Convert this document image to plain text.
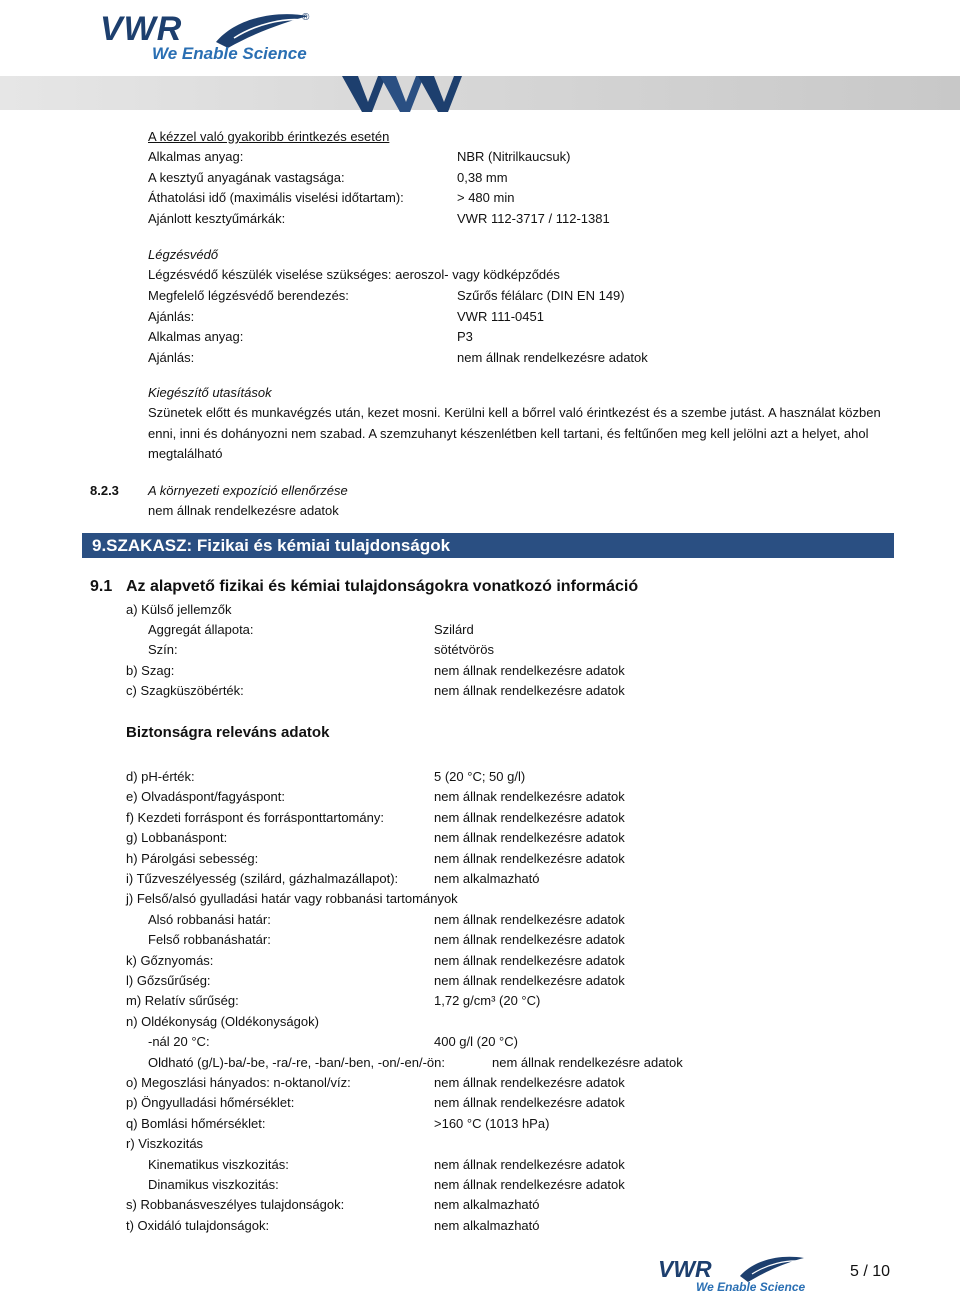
VWR	®
We Enable Science
A kézzel való gyakoribb érintkezés esetén
Alkalmas anyag:	NBR (Nitrilkaucsuk)
A kesztyű anyagának vastagsága:	0,38 mm
Áthatolási idő (maximális viselési időtartam):	> 480 min
Ajánlott kesztyűmárkák:	VWR 112-3717 / 112-1381
Légzésvédő
Légzésvédő készülék viselése szükséges: aeroszol- vagy ködképződés
Megfelelő légzésvédő berendezés:	Szűrős félálarc (DIN EN 149)
Ajánlás:	VWR 111-0451
Alkalmas anyag:	P3
Ajánlás:	nem állnak rendelkezésre adatok
Kiegészítő utasítások
Szünetek előtt és munkavégzés után, kezet mosni. Kerülni kell a bőrrel való érintkezést és a szembe jutást. A használat közben
enni, inni és dohányozni nem szabad. A szemzuhanyt készenlétben kell tartani, és feltűnően meg kell jelölni azt a helyet, ahol
megtalálható
8.2.3 A környezeti expozíció ellenőrzése
nem állnak rendelkezésre adatok
9.SZAKASZ: Fizikai és kémiai tulajdonságok
9.1 Az alapvető fizikai és kémiai tulajdonságokra vonatkozó információ
a) Külső jellemzők
Aggregát állapota:	Szilárd
Szín:	sötétvörös
b) Szag:	nem állnak rendelkezésre adatok
c) Szagküszöbérték:	nem állnak rendelkezésre adatok
Biztonságra releváns adatok
d) pH-érték:	5 (20 °C; 50 g/l)
e) Olvadáspont/fagyáspont:	nem állnak rendelkezésre adatok
f) Kezdeti forráspont és forrásponttartomány:	nem állnak rendelkezésre adatok
g) Lobbanáspont:	nem állnak rendelkezésre adatok
h) Párolgási sebesség:	nem állnak rendelkezésre adatok
i) Tűzveszélyesség (szilárd, gázhalmazállapot):	nem alkalmazható
j) Felső/alsó gyulladási határ vagy robbanási tartományok
Alsó robbanási határ:	nem állnak rendelkezésre adatok
Felső robbanáshatár:	nem állnak rendelkezésre adatok
k) Gőznyomás:	nem állnak rendelkezésre adatok
l) Gőzsűrűség:	nem állnak rendelkezésre adatok
m) Relatív sűrűség:	1,72 g/cm³ (20 °C)
n) Oldékonyság (Oldékonyságok)
-nál 20 °C:	400 g/l (20 °C)
Oldható (g/L)-ba/-be, -ra/-re, -ban/-ben, -on/-en/-ön:	nem állnak rendelkezésre adatok
o) Megoszlási hányados: n-oktanol/víz:	nem állnak rendelkezésre adatok
p) Öngyulladási hőmérséklet:	nem állnak rendelkezésre adatok
q) Bomlási hőmérséklet:	>160 °C (1013 hPa)
r) Viszkozitás
Kinematikus viszkozitás:	nem állnak rendelkezésre adatok
Dinamikus viszkozitás:	nem állnak rendelkezésre adatok
s) Robbanásveszélyes tulajdonságok:	nem alkalmazható
t) Oxidáló tulajdonságok:	nem alkalmazható
VWR
We Enable Science
5 / 10
